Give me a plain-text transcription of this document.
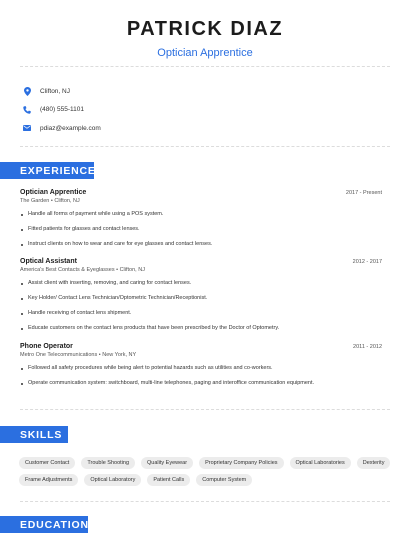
PATRICK DIAZ
Optician Apprentice
Clifton, NJ
(480) 555-1101
pdiaz@example.com
EXPERIENCE
Optician Apprentice	2017 - Present
The Garden • Clifton, NJ
Handle all forms of payment while using a POS system.
Fitted patients for glasses and contact lenses.
Instruct clients on how to wear and care for eye glasses and contact lenses.
Optical Assistant	2012 - 2017
America's Best Contacts & Eyeglasses • Clifton, NJ
Assist client with inserting, removing, and caring for contact lenses.
Key Holder/ Contact Lens Technician/Optometric Technician/Receptionist.
Handle receiving of contact lens shipment.
Educate customers on the contact lens products that have been prescribed by the Doctor of Optometry.
Phone Operator	2011 - 2012
Metro One Telecommunications • New York, NY
Followed all safety procedures while being alert to potential hazards such as utilities and co-workers.
Operate communication system: switchboard, multi-line telephones, paging and interoffice communication equipment.
SKILLS
Customer Contact	Trouble Shooting	Quality Eyewear	Proprietary Company Policies	Optical Laboratories	Dexterity
Frame Adjustments	Optical Laboratory	Patient Calls	Computer System
EDUCATION
